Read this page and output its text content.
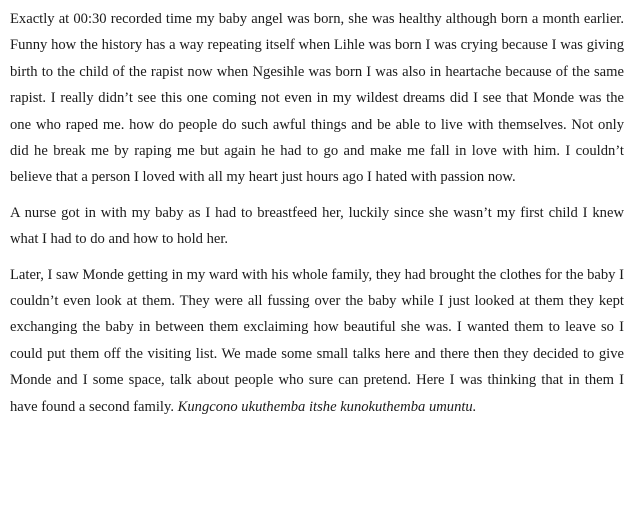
Exactly at 00:30 recorded time my baby angel was born, she was healthy although born a month earlier. Funny how the history has a way repeating itself when Lihle was born I was crying because I was giving birth to the child of the rapist now when Ngesihle was born I was also in heartache because of the same rapist. I really didn’t see this one coming not even in my wildest dreams did I see that Monde was the one who raped me. how do people do such awful things and be able to live with themselves. Not only did he break me by raping me but again he had to go and make me fall in love with him. I couldn’t believe that a person I loved with all my heart just hours ago I hated with passion now.

A nurse got in with my baby as I had to breastfeed her, luckily since she wasn’t my first child I knew what I had to do and how to hold her.

Later, I saw Monde getting in my ward with his whole family, they had brought the clothes for the baby I couldn’t even look at them. They were all fussing over the baby while I just looked at them they kept exchanging the baby in between them exclaiming how beautiful she was. I wanted them to leave so I could put them off the visiting list. We made some small talks here and there then they decided to give Monde and I some space, talk about people who sure can pretend. Here I was thinking that in them I have found a second family. Kungcono ukuthemba itshe kunokuthemba umuntu.
